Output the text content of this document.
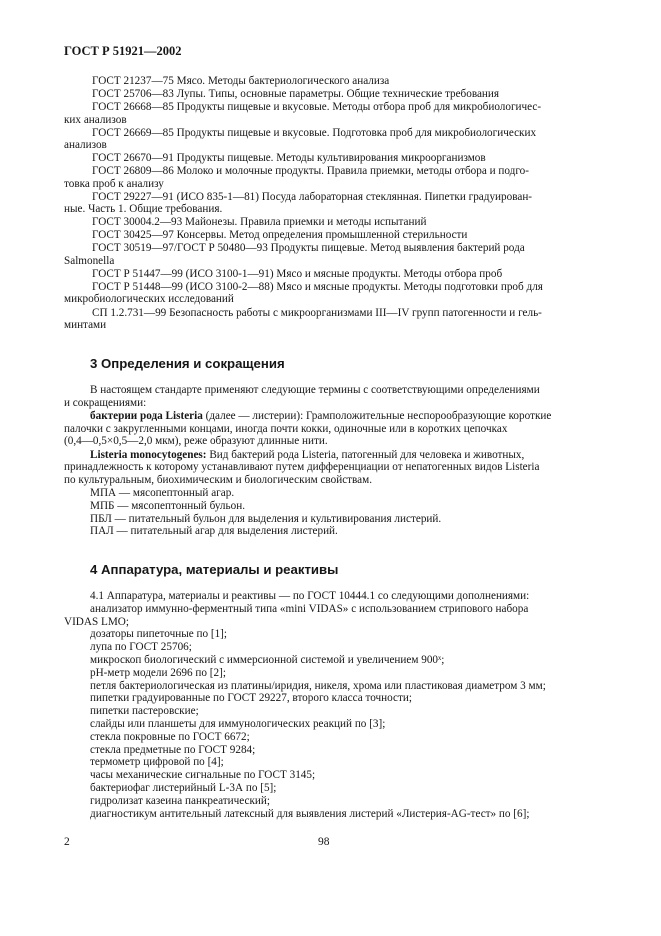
ГОСТ Р 51921—2002
ГОСТ 21237—75 Мясо. Методы бактериологического анализа
ГОСТ 25706—83 Лупы. Типы, основные параметры. Общие технические требования
ГОСТ 26668—85 Продукты пищевые и вкусовые. Методы отбора проб для микробиологичес-
ких анализов
ГОСТ 26669—85 Продукты пищевые и вкусовые. Подготовка проб для микробиологических
анализов
ГОСТ 26670—91 Продукты пищевые. Методы культивирования микроорганизмов
ГОСТ 26809—86 Молоко и молочные продукты. Правила приемки, методы отбора и подго-
товка проб к анализу
ГОСТ 29227—91 (ИСО 835-1—81) Посуда лабораторная стеклянная. Пипетки градуирован-
ные. Часть 1. Общие требования.
ГОСТ 30004.2—93 Майонезы. Правила приемки и методы испытаний
ГОСТ 30425—97 Консервы. Метод определения промышленной стерильности
ГОСТ 30519—97/ГОСТ Р 50480—93 Продукты пищевые. Метод выявления бактерий рода
Salmonella
ГОСТ Р 51447—99 (ИСО 3100-1—91) Мясо и мясные продукты. Методы отбора проб
ГОСТ Р 51448—99 (ИСО 3100-2—88) Мясо и мясные продукты. Методы подготовки проб для
микробиологических исследований
СП 1.2.731—99 Безопасность работы с микроорганизмами III—IV групп патогенности и гель-
минтами
3 Определения и сокращения
В настоящем стандарте применяют следующие термины с соответствующими определениями
и сокращениями:
бактерии рода Listeria (далее — листерии): Грамположительные неспорообразующие короткие
палочки с закругленными концами, иногда почти кокки, одиночные или в коротких цепочках
(0,4—0,5×0,5—2,0 мкм), реже образуют длинные нити.
Listeria monocytogenes: Вид бактерий рода Listeria, патогенный для человека и животных,
принадлежность к которому устанавливают путем дифференциации от непатогенных видов Listeria
по культуральным, биохимическим и биологическим свойствам.
МПА — мясопептонный агар.
МПБ — мясопептонный бульон.
ПБЛ — питательный бульон для выделения и культивирования листерий.
ПАЛ — питательный агар для выделения листерий.
4 Аппаратура, материалы и реактивы
4.1 Аппаратура, материалы и реактивы — по ГОСТ 10444.1 со следующими дополнениями:
анализатор иммунно-ферментный типа «mini VIDAS» с использованием стрипового набора
VIDAS LMO;
дозаторы пипеточные по [1];
лупа по ГОСТ 25706;
микроскоп биологический с иммерсионной системой и увеличением 900ˣ;
рН-метр модели 2696 по [2];
петля бактериологическая из платины/иридия, никеля, хрома или пластиковая диаметром 3 мм;
пипетки градуированные по ГОСТ 29227, второго класса точности;
пипетки пастеровские;
слайды или планшеты для иммунологических реакций по [3];
стекла покровные по ГОСТ 6672;
стекла предметные по ГОСТ 9284;
термометр цифровой по [4];
часы механические сигнальные по ГОСТ 3145;
бактериофаг листерийный L-3А по [5];
гидролизат казеина панкреатический;
диагностикум антительный латексный для выявления листерий «Листерия-AG-тест» по [6];
2	98
